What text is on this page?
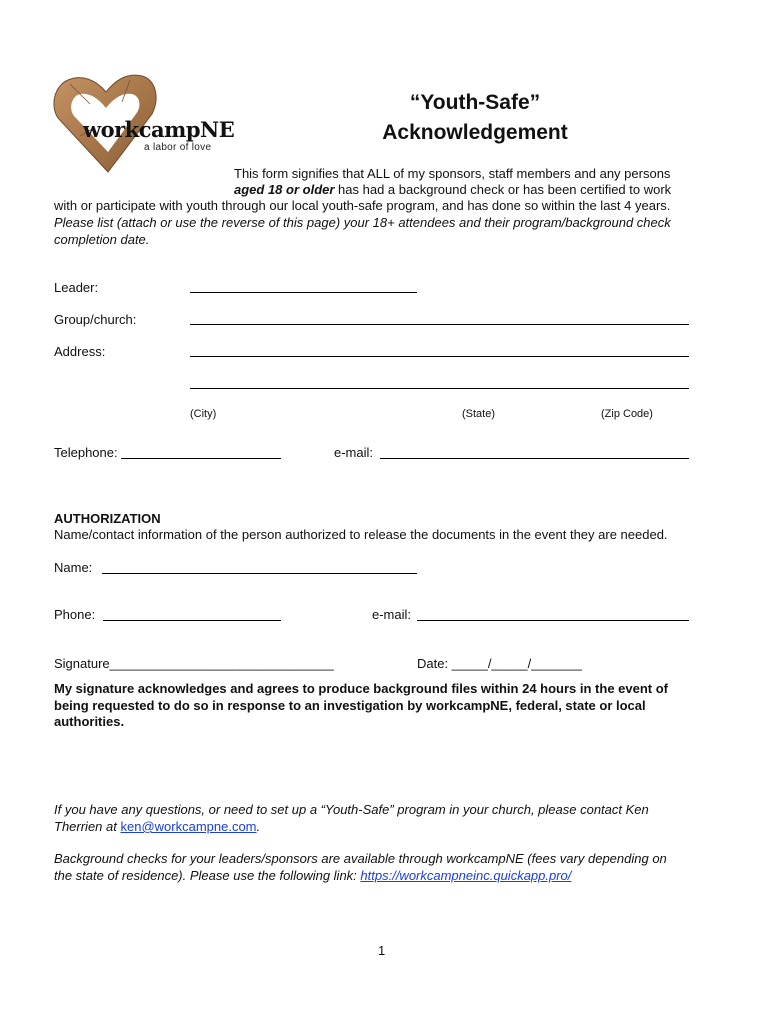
workcampNE
a labor of love
“Youth-Safe”
Acknowledgement
This form signifies that ALL of my sponsors, staff members and any persons
aged 18 or older has had a background check or has been certified to work
with or participate with youth through our local youth-safe program, and has done so within the last 4 years.
Please list (attach or use the reverse of this page) your 18+ attendees and their program/background check
completion date.
Leader:
Group/church:
Address:
(City)	(State)	(Zip Code)
Telephone:	e-mail:
AUTHORIZATION
Name/contact information of the person authorized to release the documents in the event they are needed.
Name:
Phone:	e-mail:
Signature_______________________________	Date: _____/_____/_______
My signature acknowledges and agrees to produce background files within 24 hours in the event of
being requested to do so in response to an investigation by workcampNE, federal, state or local
authorities.
If you have any questions, or need to set up a “Youth-Safe” program in your church, please contact Ken
Therrien at ken@workcampne.com.
Background checks for your leaders/sponsors are available through workcampNE (fees vary depending on
the state of residence). Please use the following link: https://workcampneinc.quickapp.pro/
1
